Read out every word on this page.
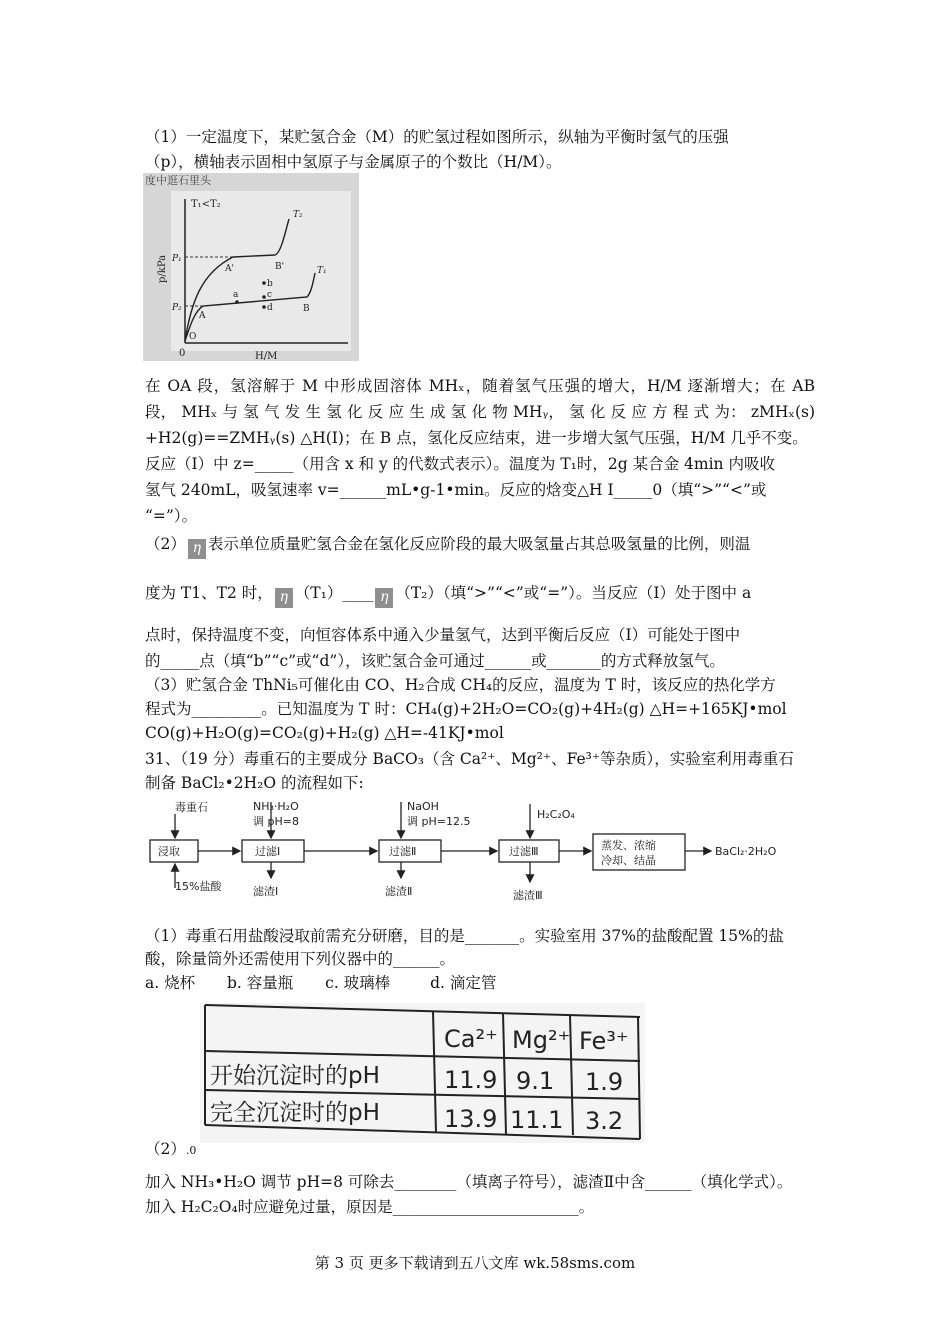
（1）一定温度下，某贮氢合金（M）的贮氢过程如图所示，纵轴为平衡时氢气的压强
（p），横轴表示固相中氢原子与金属原子的个数比（H/M）。
度中逛石里头
T₁<T₂
p/kPa
H/M
0
P₁
P₂
T₂
T₁
A'	B'
A
B
O
a
b
c
d
在 OA 段，氢溶解于 M 中形成固溶体 MHₓ，随着氢气压强的增大，H/M 逐渐增大；在 AB
段， MHₓ 与 氢 气 发 生 氢 化 反 应 生 成 氢 化 物 MHᵧ， 氢 化 反 应 方 程 式 为： zMHₓ(s)
+H2(g)==ZMHᵧ(s) △H(Ⅰ)；在 B 点，氢化反应结束，进一步增大氢气压强，H/M 几乎不变。
反应（Ⅰ）中 z=_____（用含 x 和 y 的代数式表示）。温度为 T₁时，2g 某合金 4min 内吸收
氢气 240mL，吸氢速率 v=______mL•g-1•min。反应的焓变△H Ⅰ_____0（填“>”“<”或
“=”）。
（2） η 表示单位质量贮氢合金在氢化反应阶段的最大吸氢量占其总吸氢量的比例，则温
度为 T1、T2 时， η （T₁）____ η （T₂）（填“>”“<”或“=”）。当反应（Ⅰ）处于图中 a
点时，保持温度不变，向恒容体系中通入少量氢气，达到平衡后反应（Ⅰ）可能处于图中
的_____点（填“b”“c”或“d”），该贮氢合金可通过______或_______的方式释放氢气。
（3）贮氢合金 ThNi₅可催化由 CO、H₂合成 CH₄的反应，温度为 T 时，该反应的热化学方
程式为_________。已知温度为 T 时：CH₄(g)+2H₂O=CO₂(g)+4H₂(g) △H=+165KJ•mol
CO(g)+H₂O(g)=CO₂(g)+H₂(g) △H=-41KJ•mol
31、（19 分）毒重石的主要成分 BaCO₃（含 Ca²⁺、Mg²⁺、Fe³⁺等杂质），实验室利用毒重石
制备 BaCl₂•2H₂O 的流程如下:
毒重石
浸取
15%盐酸
NH₃·H₂O
调 pH=8
过滤Ⅰ
滤渣Ⅰ
NaOH
调 pH=12.5
过滤Ⅱ
滤渣Ⅱ
H₂C₂O₄
过滤Ⅲ
滤渣Ⅲ
蒸发、浓缩
冷却、结晶
BaCl₂·2H₂O
（1）毒重石用盐酸浸取前需充分研磨，目的是_______。实验室用 37%的盐酸配置 15%的盐
酸，除量筒外还需使用下列仪器中的______。
a. 烧杯 b. 容量瓶 c. 玻璃棒	d. 滴定管
Ca²⁺ Mg²⁺ Fe³⁺
开始沉淀时的pH	11.9 9.1 1.9
完全沉淀时的pH	13.9 11.1 3.2
（2）.0
加入 NH₃•H₂O 调节 pH=8 可除去________（填离子符号），滤渣Ⅱ中含______（填化学式）。
加入 H₂C₂O₄时应避免过量，原因是________________________。
第 3 页 更多下载请到五八文库 wk.58sms.com
